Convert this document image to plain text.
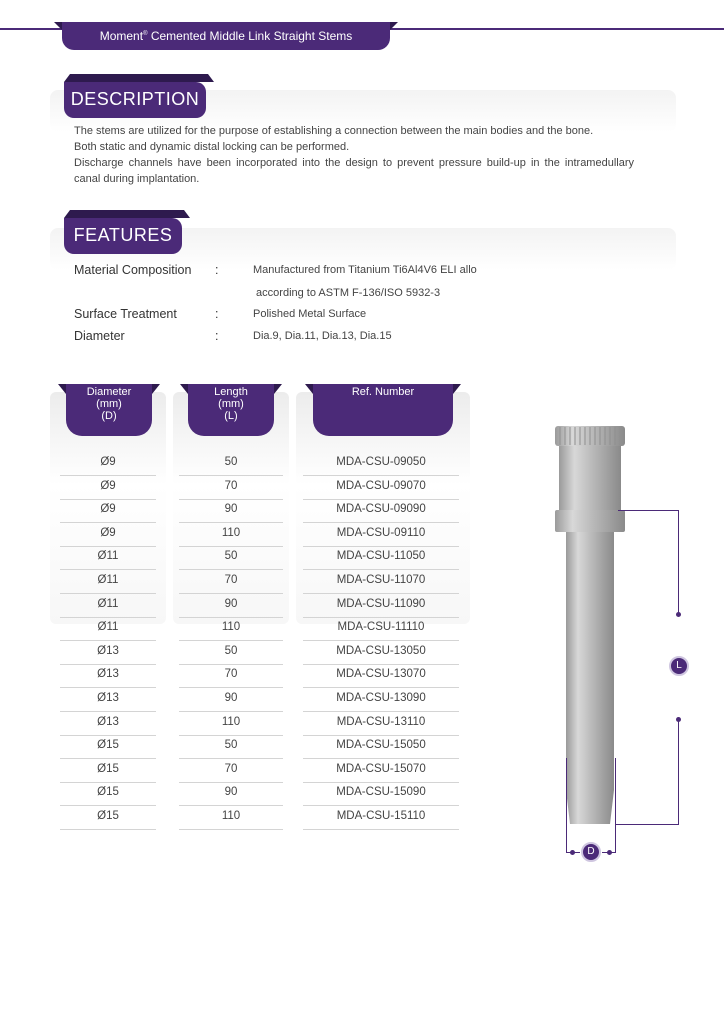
Moment® Cemented Middle Link Straight Stems
DESCRIPTION

The stems are utilized for the purpose of establishing a connection between the main bodies and the bone.

Both static and dynamic distal locking can be performed.

Discharge channels have been incorporated into the design to prevent pressure build-up in the intramedullary canal during implantation.

FEATURES
Material Composition :	Manufactured from Titanium Ti6Al4V6 ELI allo
according to ASTM F-136/ISO 5932-3
Surface Treatment	:	Polished Metal Surface
Diameter	:	Dia.9, Dia.11, Dia.13, Dia.15
Diameter
(mm)
(D)
Length
(mm)
(L)
Ref. Number
Ø9	50	MDA-CSU-09050
Ø9	70	MDA-CSU-09070
Ø9	90	MDA-CSU-09090
Ø9	110	MDA-CSU-09110
Ø11	50	MDA-CSU-11050
Ø11	70	MDA-CSU-11070
Ø11	90	MDA-CSU-11090
Ø11	110	MDA-CSU-11110
Ø13	50	MDA-CSU-13050
Ø13	70	MDA-CSU-13070
Ø13	90	MDA-CSU-13090
Ø13	110	MDA-CSU-13110
Ø15	50	MDA-CSU-15050
Ø15	70	MDA-CSU-15070
Ø15	90	MDA-CSU-15090
Ø15	110	MDA-CSU-15110
L
D
